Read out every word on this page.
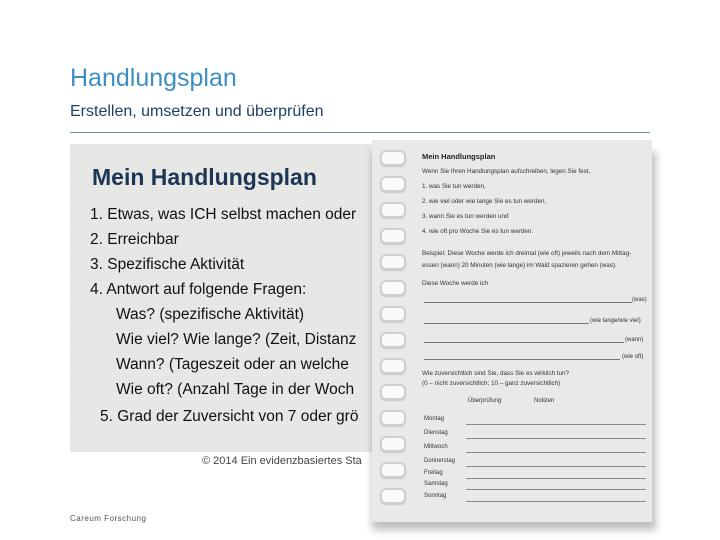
Handlungsplan
Erstellen, umsetzen und überprüfen
Mein Handlungsplan
1. Etwas, was ICH selbst machen oder
2. Erreichbar
3. Spezifische Aktivität
4. Antwort auf folgende Fragen:
Was? (spezifische Aktivität)
Wie viel? Wie lange? (Zeit, Distanz
Wann? (Tageszeit oder an welche
Wie oft? (Anzahl Tage in der Woch
5. Grad der Zuversicht von 7 oder grö
© 2014 Ein evidenzbasiertes Sta
Careum Forschung
Mein Handlungsplan
Wenn Sie Ihren Handlungsplan aufschreiben, legen Sie fest,
1. was Sie tun werden,
2. wie viel oder wie lange Sie es tun werden,
3. wann Sie es tun werden und
4. wie oft pro Woche Sie es tun werden.
Beispiel: Diese Woche werde ich dreimal (wie oft) jeweils nach dem Mittag-
essen (wann) 20 Minuten (wie lange) im Wald spazieren gehen (was).
Diese Woche werde ich
(was)
(wie lange/wie viel)
(wann)
(wie oft)
Wie zuversichtlich sind Sie, dass Sie es wirklich tun?
(0 – nicht zuversichtlich; 10 – ganz zuversichtlich)
Überprüfung	Notizen
Montag
Dienstag
Mittwoch
Donnerstag
Freitag
Samstag
Sonntag
